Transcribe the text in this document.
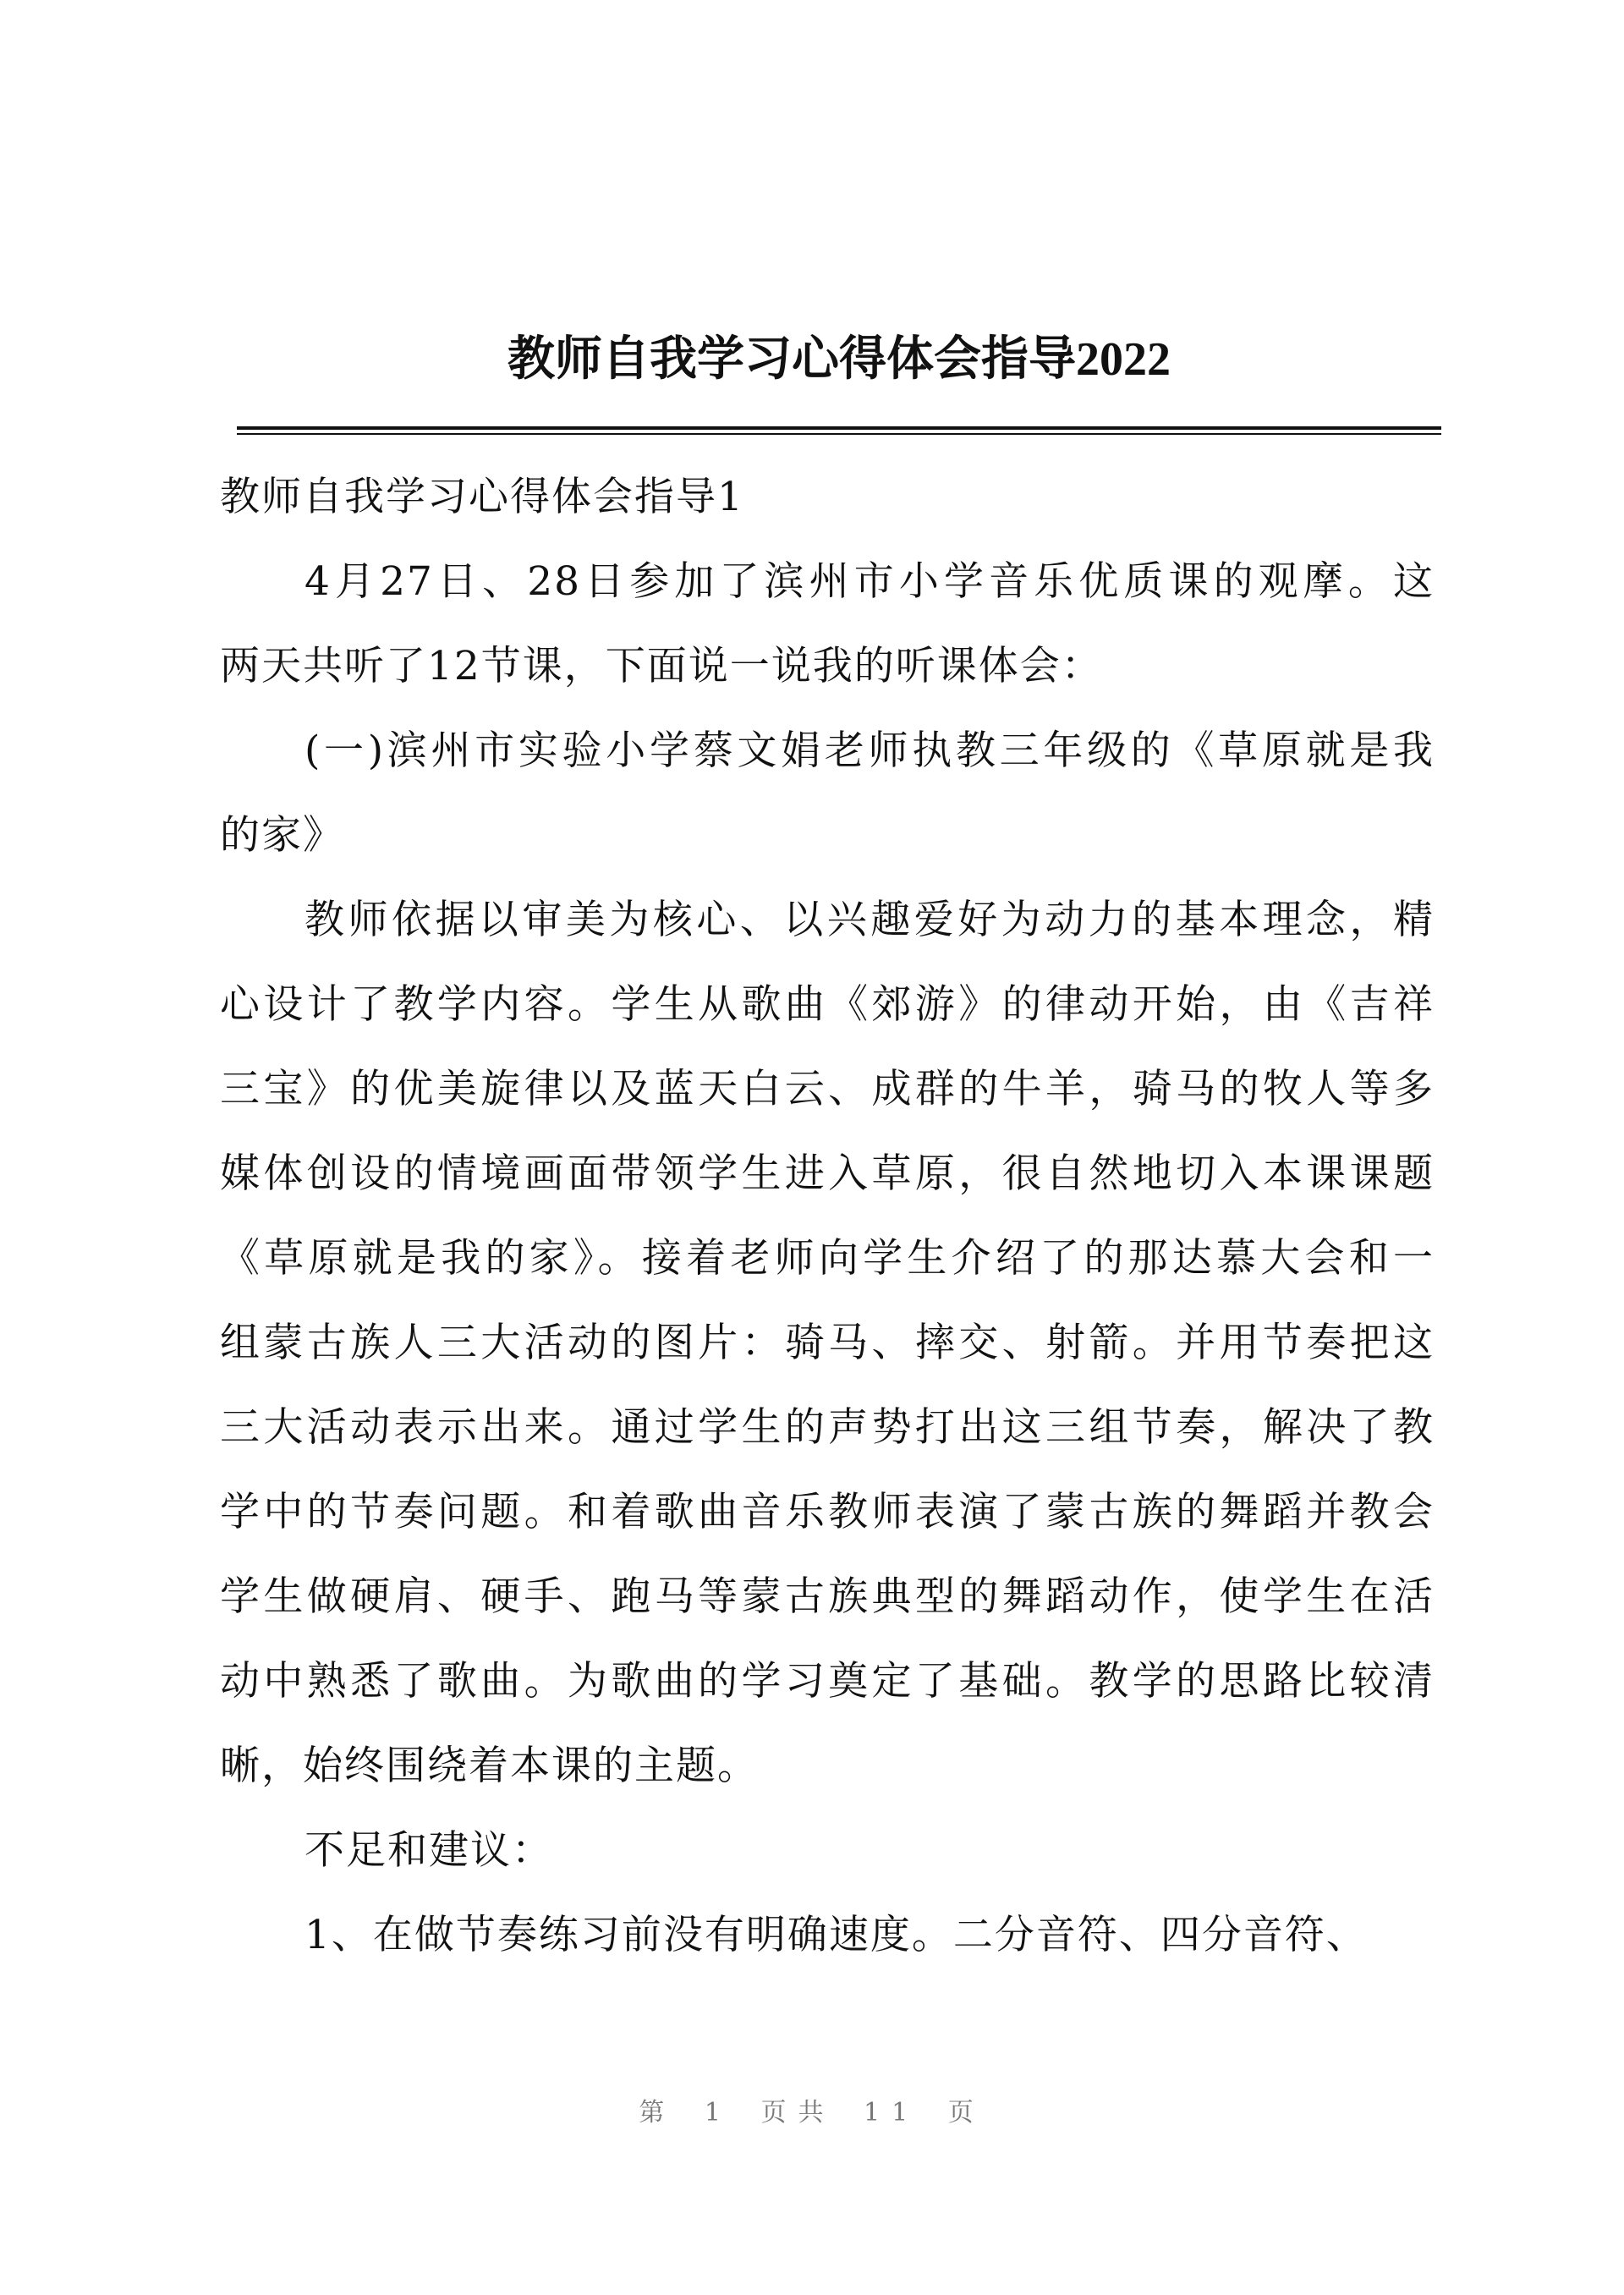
教师自我学习心得体会指导2022
教师自我学习心得体会指导1
4月27日、28日参加了滨州市小学音乐优质课的观摩。这
两天共听了12节课，下面说一说我的听课体会：
(一)滨州市实验小学蔡文娟老师执教三年级的《草原就是我
的家》
教师依据以审美为核心、以兴趣爱好为动力的基本理念，精
心设计了教学内容。学生从歌曲《郊游》的律动开始，由《吉祥
三宝》的优美旋律以及蓝天白云、成群的牛羊，骑马的牧人等多
媒体创设的情境画面带领学生进入草原，很自然地切入本课课题
《草原就是我的家》。接着老师向学生介绍了的那达慕大会和一
组蒙古族人三大活动的图片：骑马、摔交、射箭。并用节奏把这
三大活动表示出来。通过学生的声势打出这三组节奏，解决了教
学中的节奏问题。和着歌曲音乐教师表演了蒙古族的舞蹈并教会
学生做硬肩、硬手、跑马等蒙古族典型的舞蹈动作，使学生在活
动中熟悉了歌曲。为歌曲的学习奠定了基础。教学的思路比较清
晰，始终围绕着本课的主题。
不足和建议：
1、在做节奏练习前没有明确速度。二分音符、四分音符、
第 1 页共 11 页
